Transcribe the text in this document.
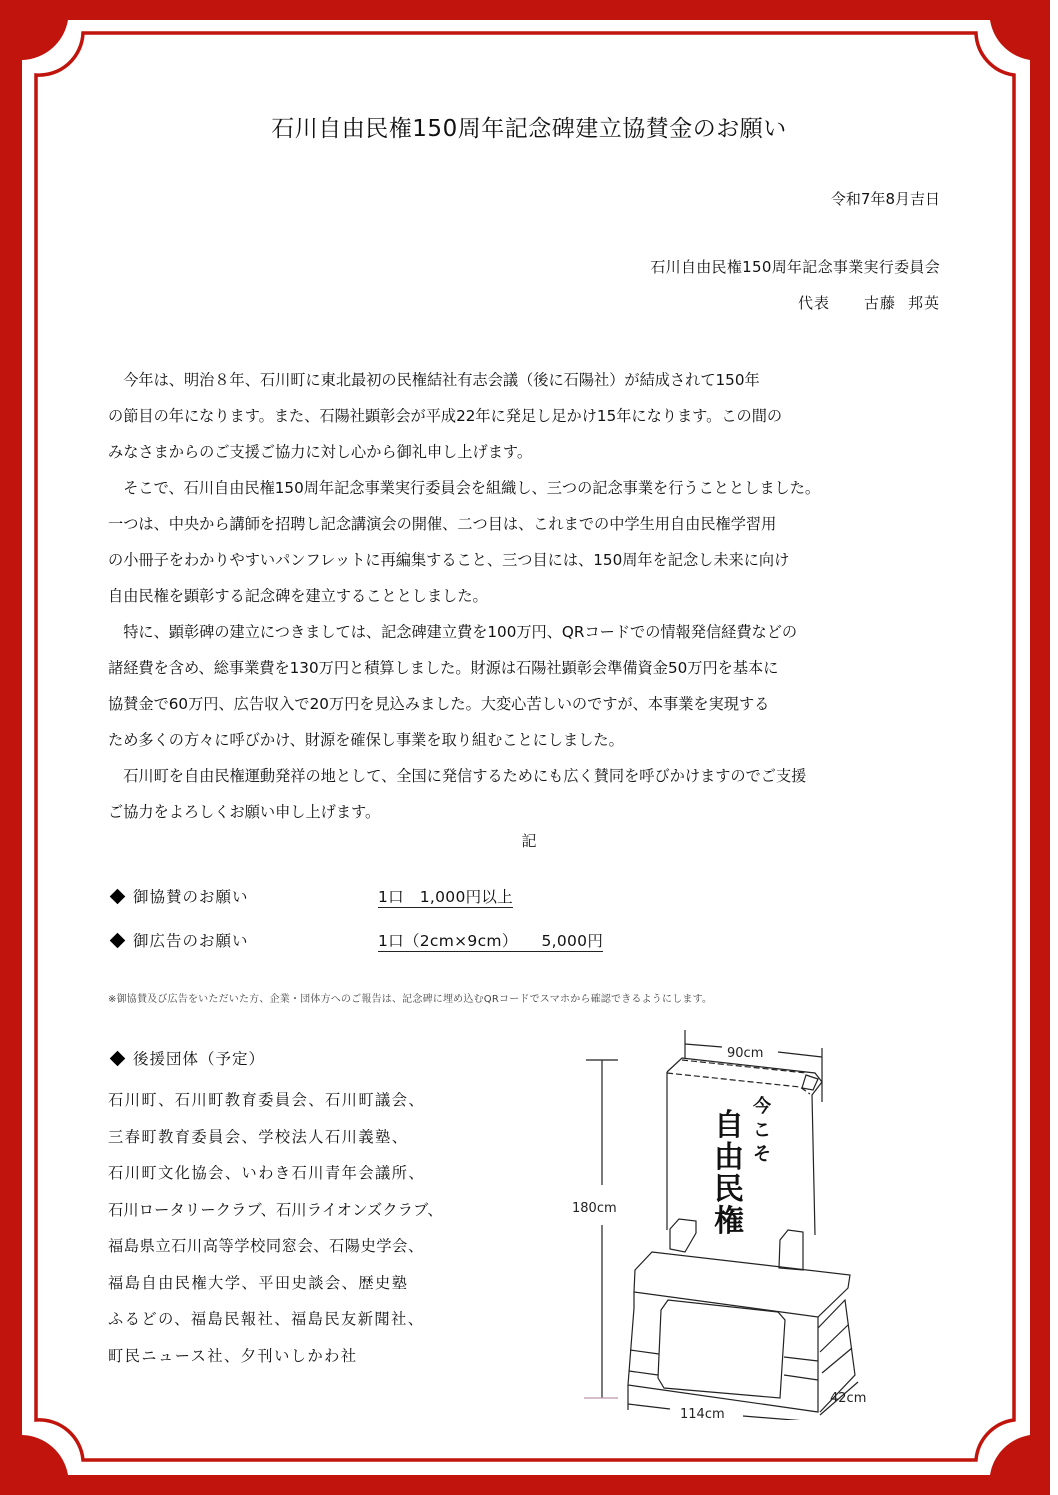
石川自由民権150周年記念碑建立協賛金のお願い
令和7年8月吉日
石川自由民権150周年記念事業実行委員会
代表 古藤 邦英

今年は、明治８年、石川町に東北最初の民権結社有志会議（後に石陽社）が結成されて150年
の節目の年になります。また、石陽社顕彰会が平成22年に発足し足かけ15年になります。この間の
みなさまからのご支援ご協力に対し心から御礼申し上げます。

そこで、石川自由民権150周年記念事業実行委員会を組織し、三つの記念事業を行うこととしました。
一つは、中央から講師を招聘し記念講演会の開催、二つ目は、これまでの中学生用自由民権学習用
の小冊子をわかりやすいパンフレットに再編集すること、三つ目には、150周年を記念し未来に向け
自由民権を顕彰する記念碑を建立することとしました。

特に、顕彰碑の建立につきましては、記念碑建立費を100万円、QRコードでの情報発信経費などの
諸経費を含め、総事業費を130万円と積算しました。財源は石陽社顕彰会準備資金50万円を基本に
協賛金で60万円、広告収入で20万円を見込みました。大変心苦しいのですが、本事業を実現する
ため多くの方々に呼びかけ、財源を確保し事業を取り組むことにしました。

石川町を自由民権運動発祥の地として、全国に発信するためにも広く賛同を呼びかけますのでご支援
ご協力をよろしくお願い申し上げます。

記
御協賛のお願い	1口　1,000円以上
御広告のお願い	1口（2cm×9cm）　　5,000円
※御協賛及び広告をいただいた方、企業・団体方へのご報告は、記念碑に埋め込むQRコードでスマホから確認できるようにします。
後援団体（予定）
石川町、石川町教育委員会、石川町議会、
三春町教育委員会、学校法人石川義塾、
石川町文化協会、いわき石川青年会議所、
石川ロータリークラブ、石川ライオンズクラブ、
福島県立石川高等学校同窓会、石陽史学会、
福島自由民権大学、平田史談会、歴史塾
ふるどの、福島民報社、福島民友新聞社、
町民ニュース社、夕刊いしかわ社
90cm
180cm
114cm
42cm
今
こ
そ
自
由
民
権
